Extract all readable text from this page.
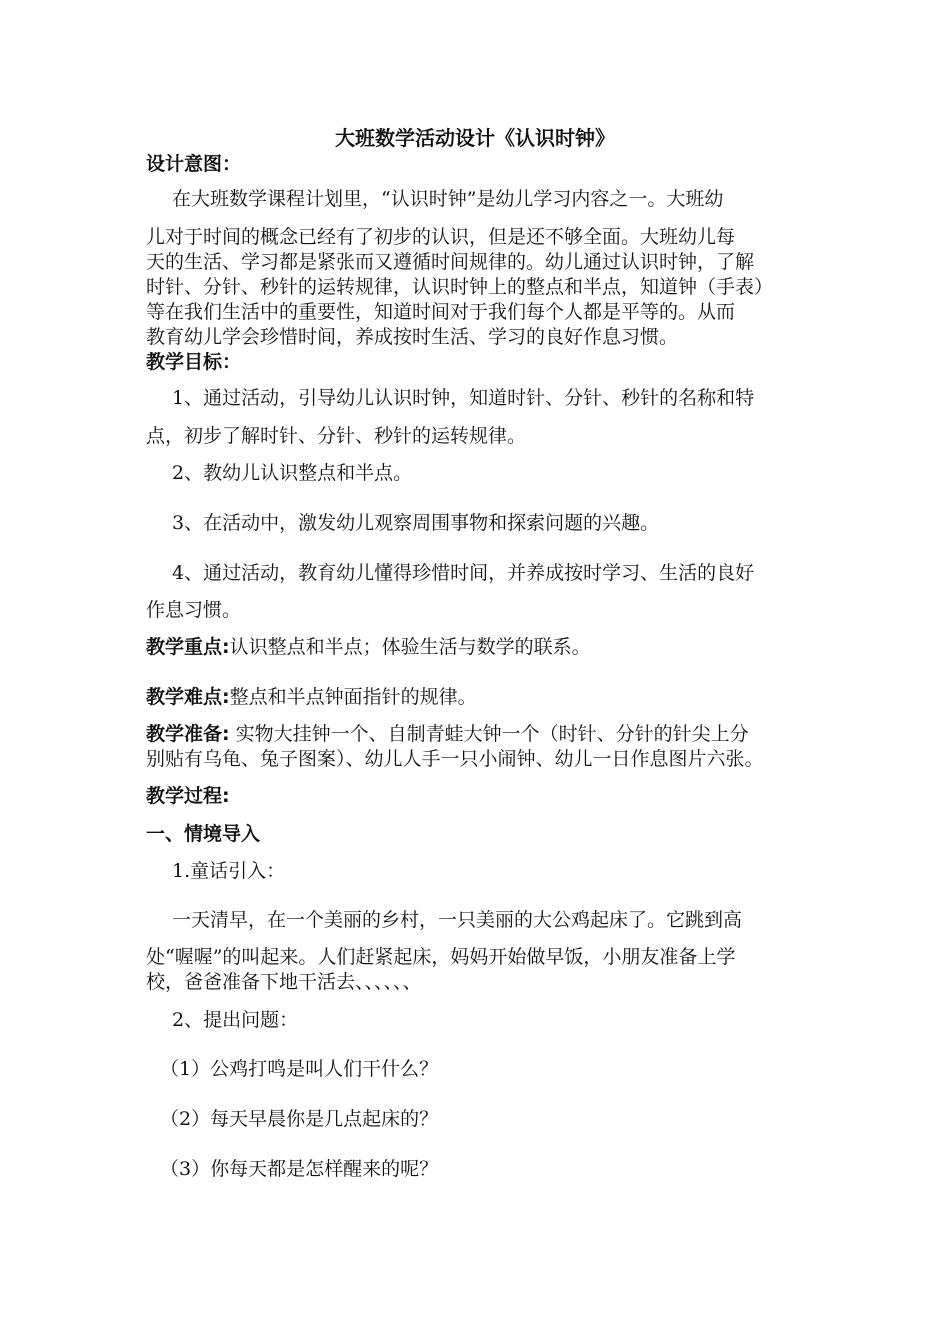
大班数学活动设计《认识时钟》
设计意图：
在大班数学课程计划里，“认识时钟”是幼儿学习内容之一。大班幼
儿对于时间的概念已经有了初步的认识，但是还不够全面。大班幼儿每
天的生活、学习都是紧张而又遵循时间规律的。幼儿通过认识时钟，了解
时针、分针、秒针的运转规律，认识时钟上的整点和半点，知道钟（手表）
等在我们生活中的重要性，知道时间对于我们每个人都是平等的。从而
教育幼儿学会珍惜时间，养成按时生活、学习的良好作息习惯。
教学目标：
1、通过活动，引导幼儿认识时钟，知道时针、分针、秒针的名称和特
点，初步了解时针、分针、秒针的运转规律。
2、教幼儿认识整点和半点。
3、在活动中，激发幼儿观察周围事物和探索问题的兴趣。
4、通过活动，教育幼儿懂得珍惜时间，并养成按时学习、生活的良好
作息习惯。
教学重点:认识整点和半点；体验生活与数学的联系。
教学难点:整点和半点钟面指针的规律。
教学准备: 实物大挂钟一个、自制青蛙大钟一个（时针、分针的针尖上分
别贴有乌龟、兔子图案）、幼儿人手一只小闹钟、幼儿一日作息图片六张。
教学过程:
一、情境导入
1.童话引入：
一天清早，在一个美丽的乡村，一只美丽的大公鸡起床了。它跳到高
处“喔喔”的叫起来。人们赶紧起床，妈妈开始做早饭，小朋友准备上学
校，爸爸准备下地干活去、、、、、、
2、提出问题：
（1）公鸡打鸣是叫人们干什么？
（2）每天早晨你是几点起床的？
（3）你每天都是怎样醒来的呢？
